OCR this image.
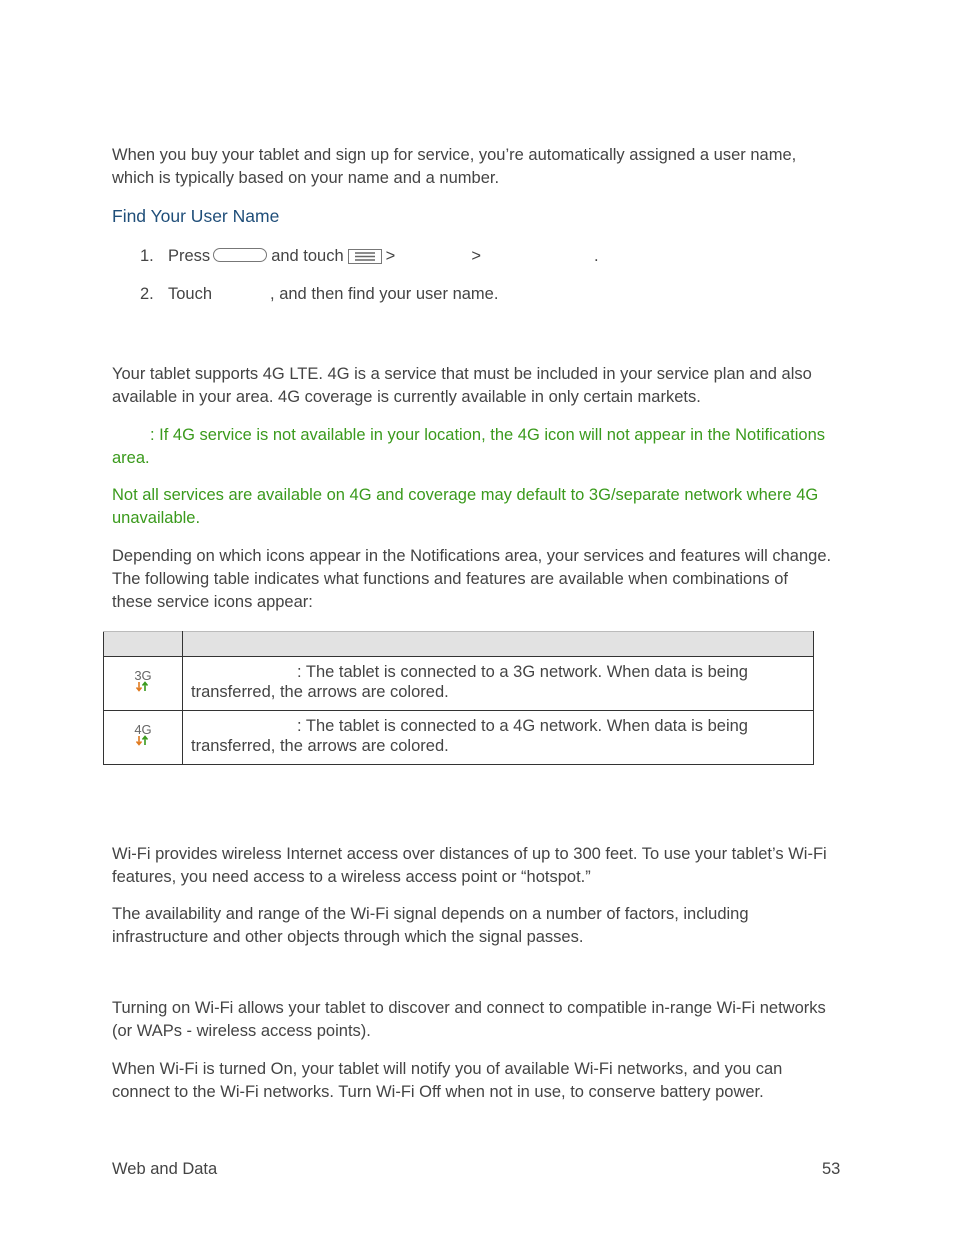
When you buy your tablet and sign up for service, you’re automatically assigned a user name, which is typically based on your name and a number.

Find Your User Name
1. Press	and touch	>	>	.
2. Touch	, and then find your user name.

Your tablet supports 4G LTE. 4G is a service that must be included in your service plan and also available in your area. 4G coverage is currently available in only certain markets.

: If 4G service is not available in your location, the 4G icon will not appear in the Notifications area.

Not all services are available on 4G and coverage may default to 3G/separate network where 4G unavailable.

Depending on which icons appear in the Notifications area, your services and features will change. The following table indicates what functions and features are available when combinations of these service icons appear:

3G	: The tablet is connected to a 3G network. When data is being transferred, the arrows are colored.

4G	: The tablet is connected to a 4G network. When data is being transferred, the arrows are colored.

Wi-Fi provides wireless Internet access over distances of up to 300 feet. To use your tablet’s Wi-Fi features, you need access to a wireless access point or “hotspot.”

The availability and range of the Wi-Fi signal depends on a number of factors, including infrastructure and other objects through which the signal passes.

Turning on Wi-Fi allows your tablet to discover and connect to compatible in-range Wi-Fi networks (or WAPs - wireless access points).

When Wi-Fi is turned On, your tablet will notify you of available Wi-Fi networks, and you can connect to the Wi-Fi networks. Turn Wi-Fi Off when not in use, to conserve battery power.

Web and Data	53
